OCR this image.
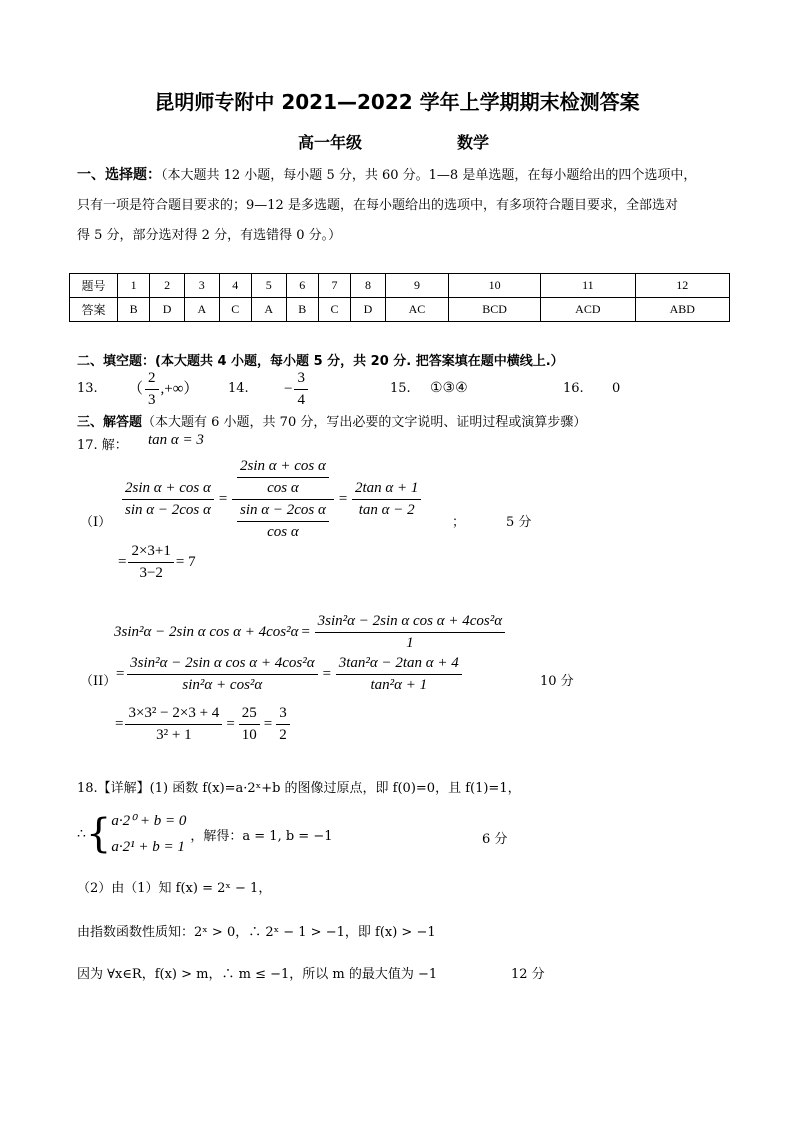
昆明师专附中 2021—2022 学年上学期期末检测答案
高一年级	数学
一、选择题：（本大题共 12 小题，每小题 5 分，共 60 分。1—8 是单选题，在每小题给出的四个选项中，
只有一项是符合题目要求的；9—12 是多选题，在每小题给出的选项中，有多项符合题目要求，全部选对
得 5 分，部分选对得 2 分，有选错得 0 分。）
题号	1	2	3	4	5	6	7	8	9	10	11	12
答案	B	D	A	C	A	B	C	D	AC	BCD	ACD	ABD
二、填空题：(本大题共 4 小题，每小题 5 分，共 20 分. 把答案填在题中横线上.）
13. （ $\frac{2}{3}$ ,+∞） 14. − $\frac{3}{4}$	15. ①③④	16. 0
三、解答题（本大题有 6 小题，共 70 分，写出必要的文字说明、证明过程或演算步骤）
17. 解： tan α = 3
（I）
$\frac{\text{2sin α + cos α}}{\text{sin α − 2cos α}} = \frac{\frac{\text{2sin α + cos α}}{\text{cos α}}}{\frac{\text{sin α − 2cos α}}{\text{cos α}}} = \frac{\text{2tan α + 1}}{\text{tan α − 2}}$
；	5 分
= $\frac{2\times 3+1}{3-2} = 7$
3sin²α − 2sin α $\cos \alpha + 4\cos^2\alpha = \frac{\text{3sin²α − 2sin α cos α + 4cos²α}}{1}$
（II）
= $\frac{\text{3sin²α − 2sin α cos α + 4cos²α}}{\text{sin²α + cos²α}} = \frac{\text{3tan²α − 2tan α + 4}}{\text{tan²α + 1}}$	10 分
= $\frac{\text{3×3² − 2×3 + 4}}{\text{3² + 1}} = \frac{25}{10} = \frac{3}{2}$
18.【详解】(1) 函数 f(x)=a·2ˣ+b 的图像过原点，即 f(0)=0，且 f(1)=1，
∴ { a·2⁰ + b = 0
a·2¹ + b = 1
，解得：a = 1, b = −1	6 分
（2）由（1）知 f(x) = 2ˣ − 1，
由指数函数性质知：2ˣ > 0，∴ 2ˣ − 1 > −1，即 f(x) > −1
因为 ∀x∈R，f(x) > m，∴ m ≤ −1，所以 m 的最大值为 −1	12 分
